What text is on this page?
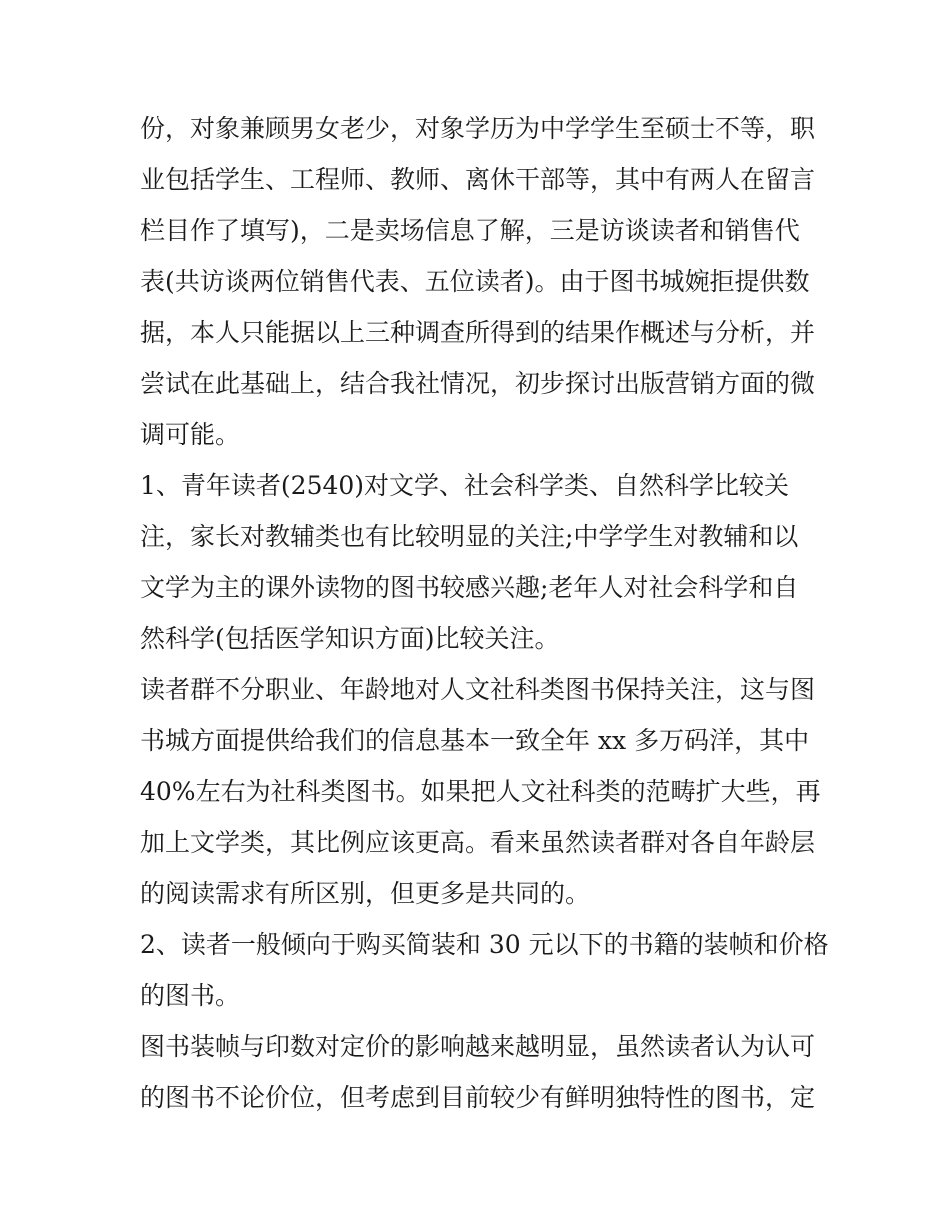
份，对象兼顾男女老少，对象学历为中学学生至硕士不等，职
业包括学生、工程师、教师、离休干部等，其中有两人在留言
栏目作了填写)，二是卖场信息了解，三是访谈读者和销售代
表(共访谈两位销售代表、五位读者)。由于图书城婉拒提供数
据，本人只能据以上三种调查所得到的结果作概述与分析，并
尝试在此基础上，结合我社情况，初步探讨出版营销方面的微
调可能。
1、青年读者(2540)对文学、社会科学类、自然科学比较关
注，家长对教辅类也有比较明显的关注;中学学生对教辅和以
文学为主的课外读物的图书较感兴趣;老年人对社会科学和自
然科学(包括医学知识方面)比较关注。
读者群不分职业、年龄地对人文社科类图书保持关注，这与图
书城方面提供给我们的信息基本一致全年 xx 多万码洋，其中
40%左右为社科类图书。如果把人文社科类的范畴扩大些，再
加上文学类，其比例应该更高。看来虽然读者群对各自年龄层
的阅读需求有所区别，但更多是共同的。
2、读者一般倾向于购买简装和 30 元以下的书籍的装帧和价格
的图书。
图书装帧与印数对定价的影响越来越明显，虽然读者认为认可
的图书不论价位，但考虑到目前较少有鲜明独特性的图书，定
